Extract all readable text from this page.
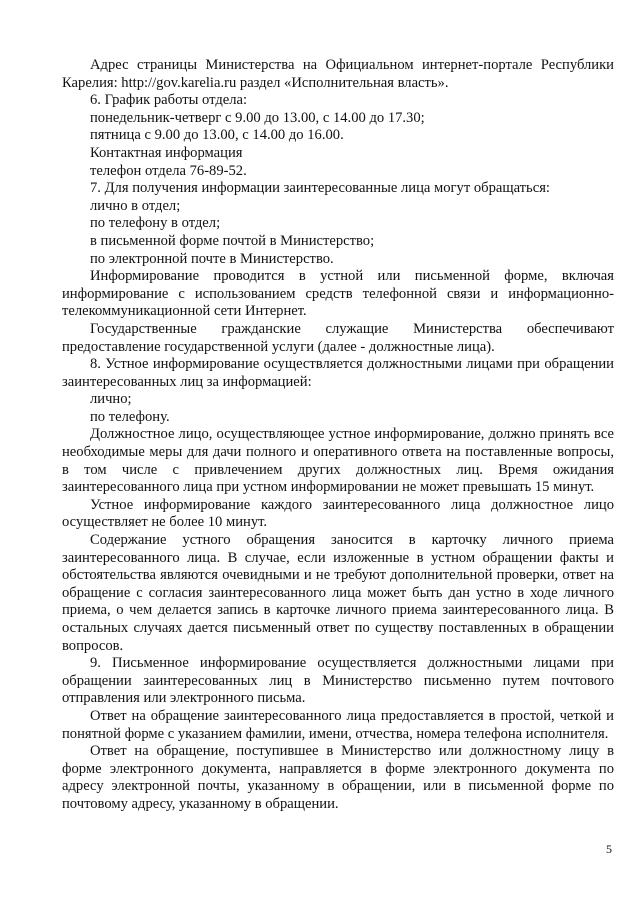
Адрес страницы Министерства на Официальном интернет-портале Республики Карелия: http://gov.karelia.ru раздел «Исполнительная власть».

6. График работы отдела:

понедельник-четверг с 9.00 до 13.00, с 14.00 до 17.30;

пятница с 9.00 до 13.00, с 14.00 до 16.00.

Контактная информация

телефон отдела 76-89-52.

7. Для получения информации заинтересованные лица могут обращаться:

лично в отдел;

по телефону в отдел;

в письменной форме почтой в Министерство;

по электронной почте в Министерство.

Информирование проводится в устной или письменной форме, включая информирование с использованием средств телефонной связи и информационно-телекоммуникационной сети Интернет.

Государственные гражданские служащие Министерства обеспечивают предоставление государственной услуги (далее - должностные лица).

8. Устное информирование осуществляется должностными лицами при обращении заинтересованных лиц за информацией:

лично;

по телефону.

Должностное лицо, осуществляющее устное информирование, должно принять все необходимые меры для дачи полного и оперативного ответа на поставленные вопросы, в том числе с привлечением других должностных лиц. Время ожидания заинтересованного лица при устном информировании не может превышать 15 минут.

Устное информирование каждого заинтересованного лица должностное лицо осуществляет не более 10 минут.

Содержание устного обращения заносится в карточку личного приема заинтересованного лица. В случае, если изложенные в устном обращении факты и обстоятельства являются очевидными и не требуют дополнительной проверки, ответ на обращение с согласия заинтересованного лица может быть дан устно в ходе личного приема, о чем делается запись в карточке личного приема заинтересованного лица. В остальных случаях дается письменный ответ по существу поставленных в обращении вопросов.

9. Письменное информирование осуществляется должностными лицами при обращении заинтересованных лиц в Министерство письменно путем почтового отправления или электронного письма.

Ответ на обращение заинтересованного лица предоставляется в простой, четкой и понятной форме с указанием фамилии, имени, отчества, номера телефона исполнителя.

Ответ на обращение, поступившее в Министерство или должностному лицу в форме электронного документа, направляется в форме электронного документа по адресу электронной почты, указанному в обращении, или в письменной форме по почтовому адресу, указанному в обращении.

5
